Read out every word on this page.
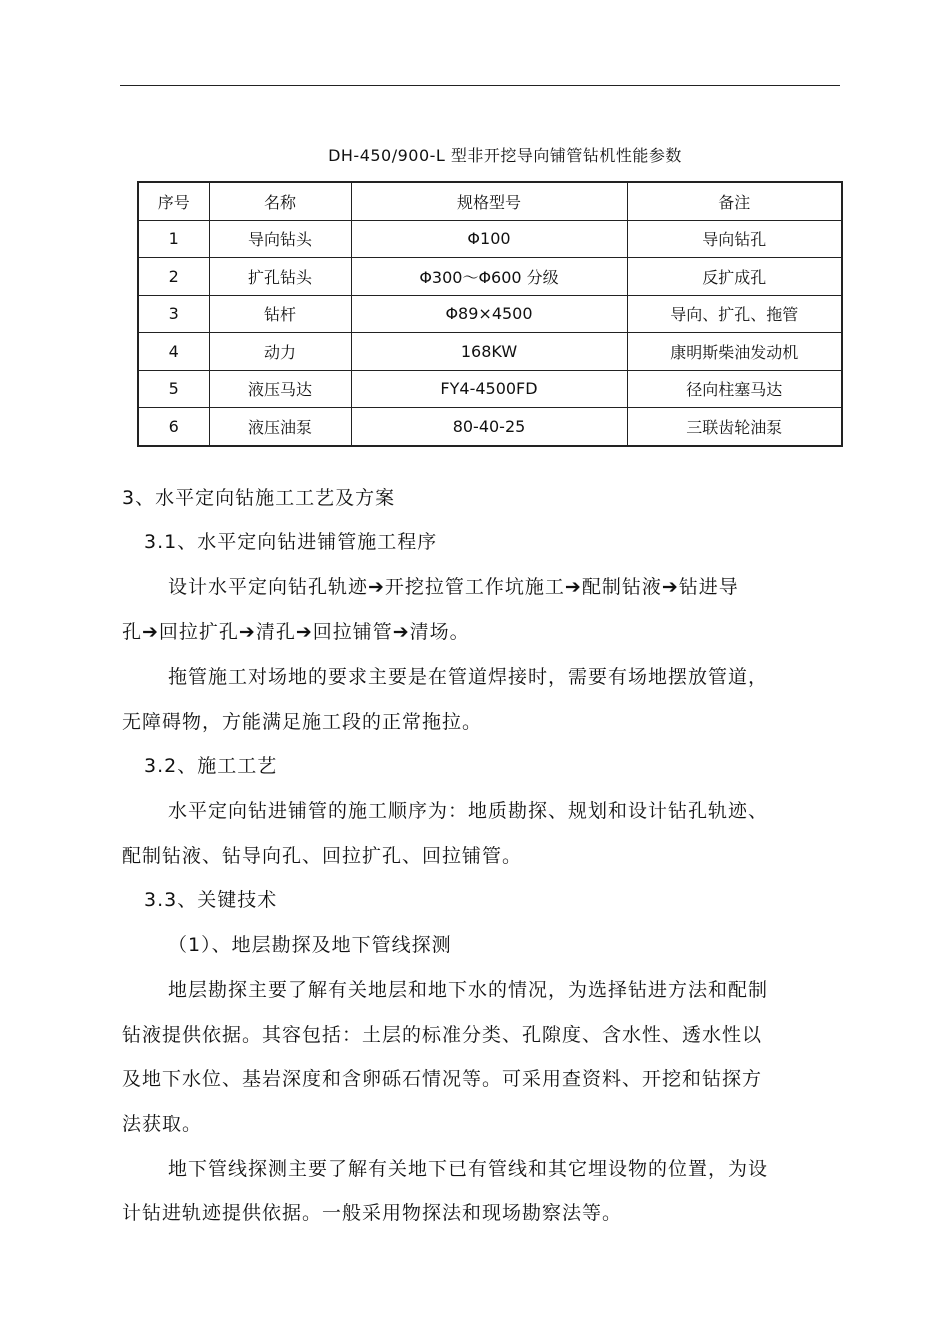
DH-450/900-L 型非开挖导向铺管钻机性能参数
序号	名称	规格型号	备注
1	导向钻头	Φ100	导向钻孔
2	扩孔钻头	Φ300～Φ600 分级	反扩成孔
3	钻杆	Φ89×4500	导向、扩孔、拖管
4	动力	168KW	康明斯柴油发动机
5	液压马达	FY4-4500FD	径向柱塞马达
6	液压油泵	80-40-25	三联齿轮油泵
3、水平定向钻施工工艺及方案
3.1、水平定向钻进铺管施工程序
设计水平定向钻孔轨迹➔开挖拉管工作坑施工➔配制钻液➔钻进导
孔➔回拉扩孔➔清孔➔回拉铺管➔清场。
拖管施工对场地的要求主要是在管道焊接时，需要有场地摆放管道，
无障碍物，方能满足施工段的正常拖拉。
3.2、施工工艺
水平定向钻进铺管的施工顺序为：地质勘探、规划和设计钻孔轨迹、
配制钻液、钻导向孔、回拉扩孔、回拉铺管。
3.3、关键技术
（1）、地层勘探及地下管线探测
地层勘探主要了解有关地层和地下水的情况，为选择钻进方法和配制
钻液提供依据。其容包括：土层的标准分类、孔隙度、含水性、透水性以
及地下水位、基岩深度和含卵砾石情况等。可采用查资料、开挖和钻探方
法获取。
地下管线探测主要了解有关地下已有管线和其它埋设物的位置，为设
计钻进轨迹提供依据。一般采用物探法和现场勘察法等。
